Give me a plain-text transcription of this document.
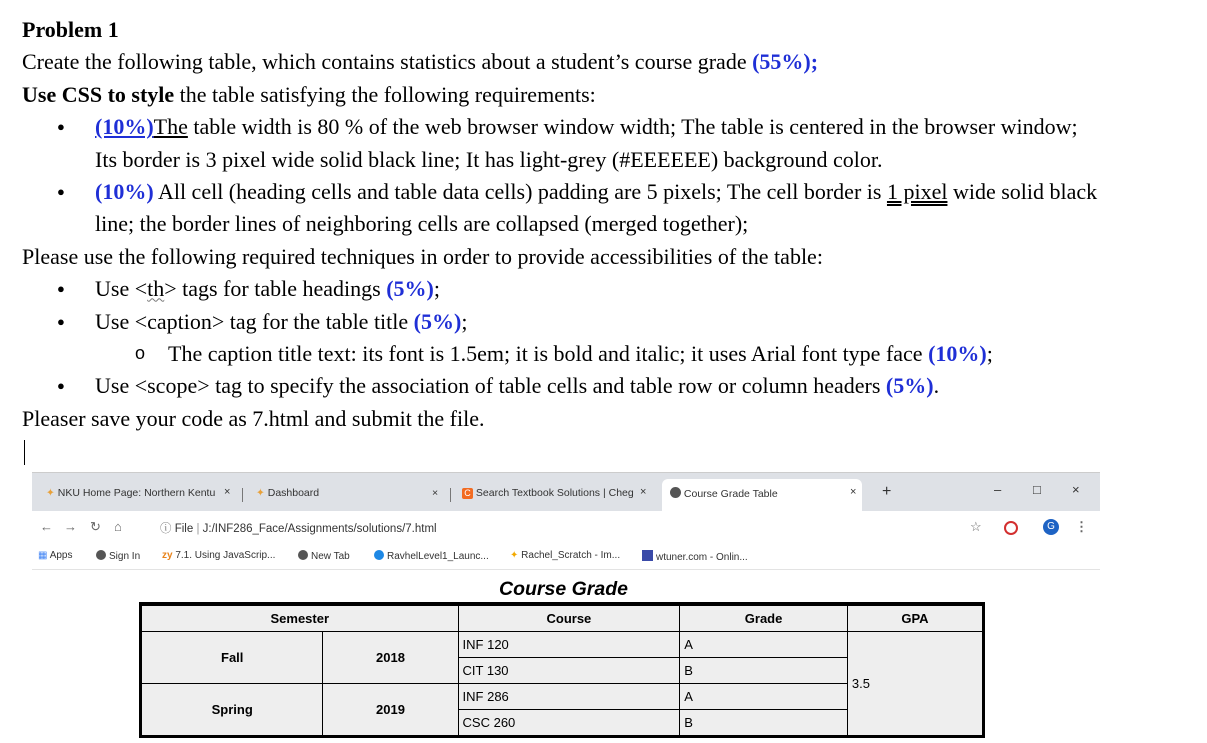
Problem 1

Create the following table, which contains statistics about a student’s course grade (55%);

Use CSS to style the table satisfying the following requirements:

● (10%)The table width is 80 % of the web browser window width; The table is centered in the browser window;
Its border is 3 pixel wide solid black line; It has light-grey (#EEEEEE) background color.

● (10%) All cell (heading cells and table data cells) padding are 5 pixels; The cell border is 1 pixel wide solid black
line; the border lines of neighboring cells are collapsed (merged together);

Please use the following required techniques in order to provide accessibilities of the table:

● Use <th> tags for table headings (5%);

● Use <caption> tag for the table title (5%);

o The caption title text: its font is 1.5em; it is bold and italic; it uses Arial font type face (10%);

● Use <scope> tag to specify the association of table cells and table row or column headers (5%).

Pleaser save your code as 7.html and submit the file.

✦ NKU Home Page: Northern Kentu × ✦ Dashboard	×	C Search Textbook Solutions | Cheg ×	Course Grade Table	× +	– □ ×
← → ↻ ⌂	ⓘ File | J:/INF286_Face/Assignments/solutions/7.html	☆	G	⋮
▦ Apps	Sign In zy 7.1. Using JavaScrip...	New Tab	RavhelLevel1_Launc... ✦ Rachel_Scratch - Im...	wtuner.com - Onlin...
Course Grade
Semester		Course	Grade	GPA
Fall	2018	INF 120	A	3.5
		CIT 130	B	
Spring	2019	INF 286	A	
		CSC 260	B	
